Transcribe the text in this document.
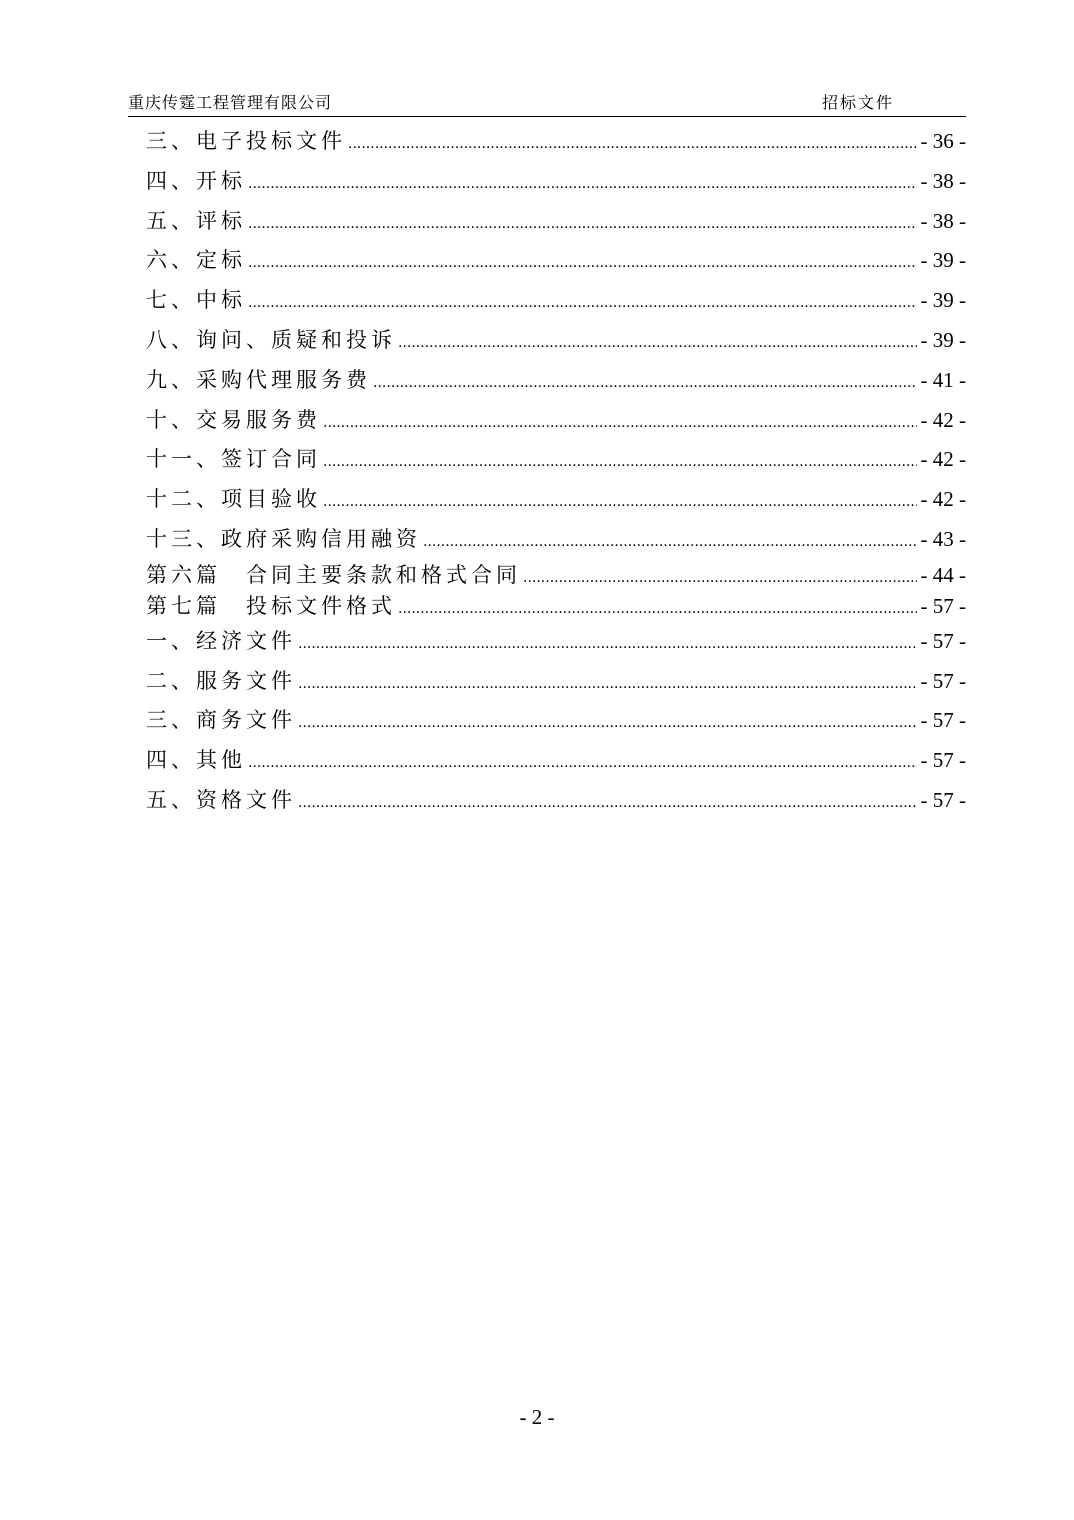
重庆传霆工程管理有限公司	招标文件
三、电子投标文件 .....	- 36 -
四、开标 .....	- 38 -
五、评标 .....	- 38 -
六、定标 .....	- 39 -
七、中标 .....	- 39 -
八、询问、质疑和投诉 .....	- 39 -
九、采购代理服务费 .....	- 41 -
十、交易服务费 .....	- 42 -
十一、签订合同 .....	- 42 -
十二、项目验收 .....	- 42 -
十三、政府采购信用融资 .....	- 43 -
第六篇　合同主要条款和格式合同 .....	- 44 -
第七篇　投标文件格式 .....	- 57 -
一、经济文件 .....	- 57 -
二、服务文件 .....	- 57 -
三、商务文件 .....	- 57 -
四、其他 .....	- 57 -
五、资格文件 .....	- 57 -
- 2 -
